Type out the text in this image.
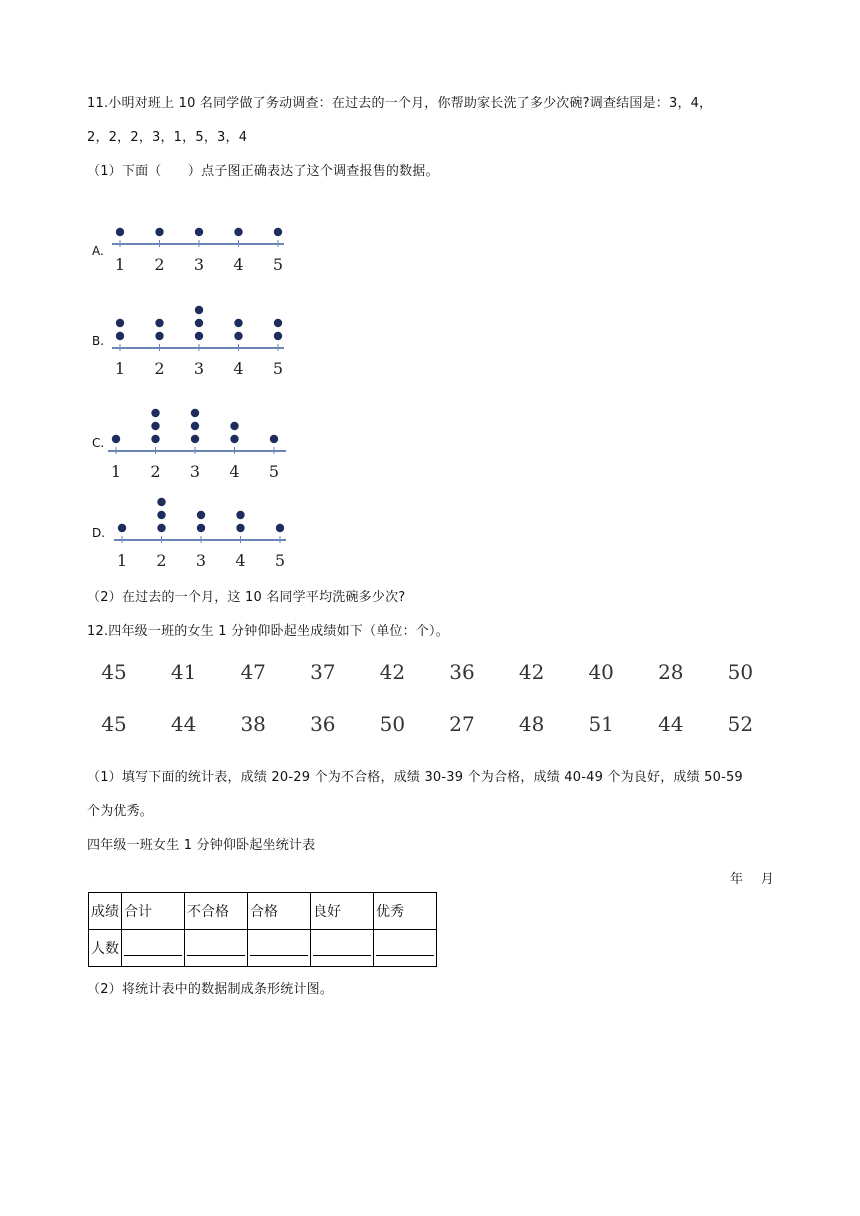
11.小明对班上 10 名同学做了务动调查：在过去的一个月，你帮助家长洗了多少次碗?调查结国是：3，4，
2，2，2，3，1，5，3，4
（1）下面（　　）点子图正确表达了这个调查报售的数据。
A.
1 2 3 4 5
B.
1 2 3 4 5
C.
1 2 3 4 5
D.
1 2 3 4 5
（2）在过去的一个月，这 10 名同学平均洗碗多少次?
12.四年级一班的女生 1 分钟仰卧起坐成绩如下（单位：个）。
45	41	47	37	42	36	42	40	28	50
45	44	38	36	50	27	48	51	44	52
（1）填写下面的统计表，成绩 20-29 个为不合格，成绩 30-39 个为合格，成绩 40-49 个为良好，成绩 50-59
个为优秀。
四年级一班女生 1 分钟仰卧起坐统计表
年　 月
成绩	合计	不合格	合格	良好	优秀
人数					
（2）将统计表中的数据制成条形统计图。
